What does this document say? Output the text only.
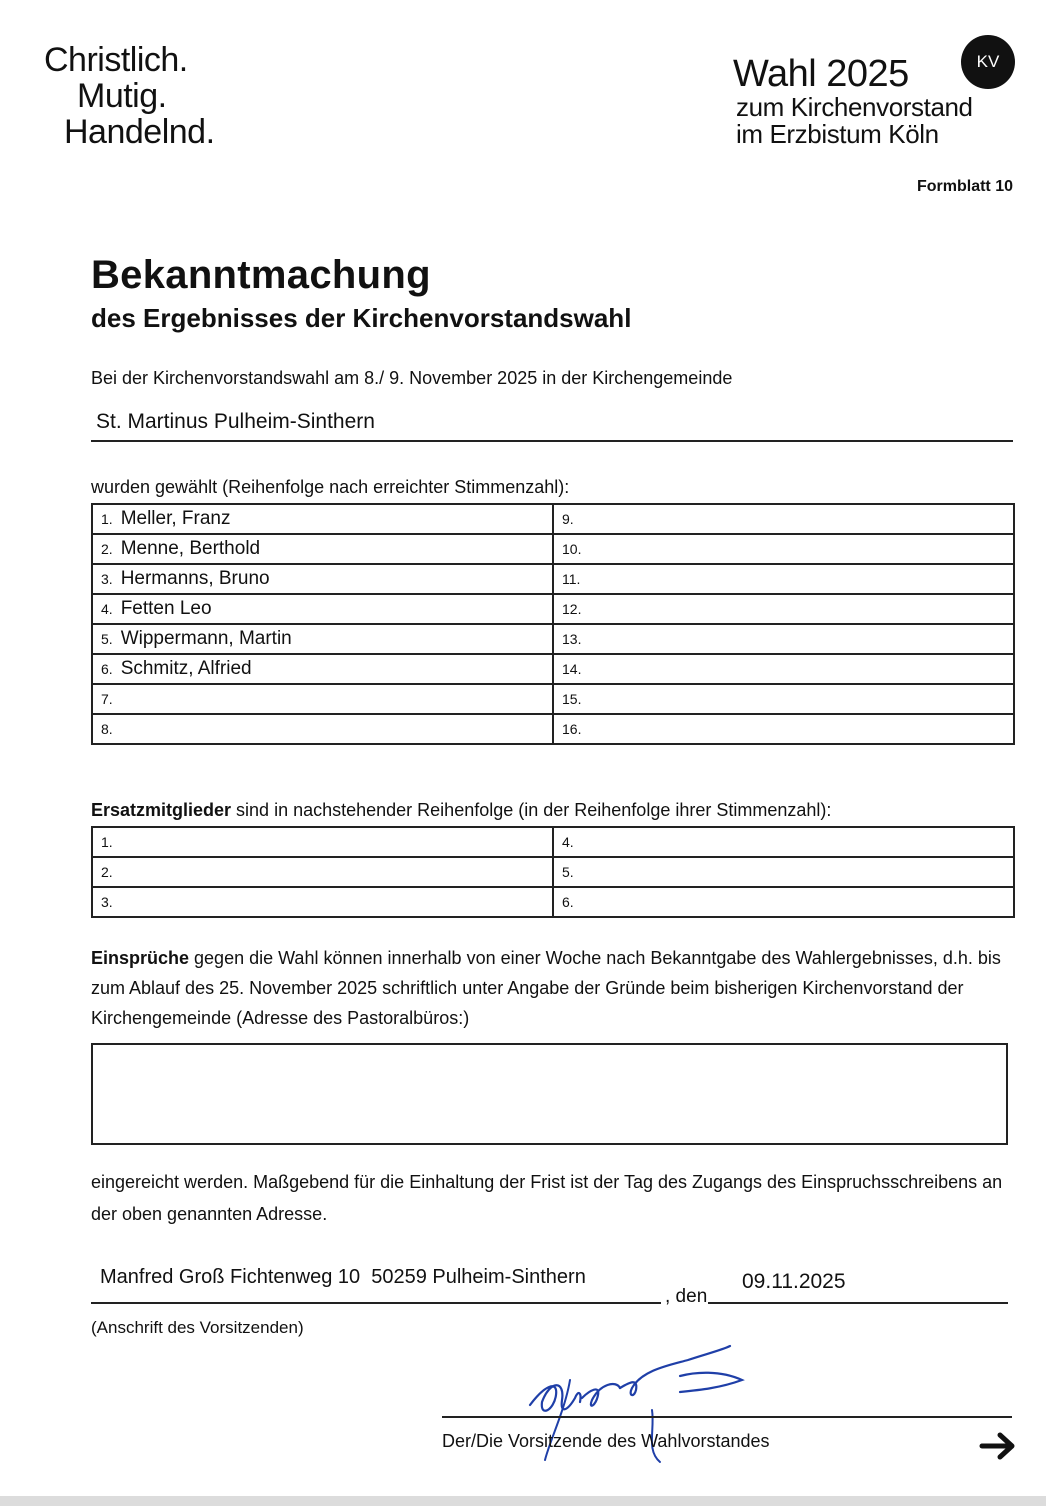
Christlich.
Mutig.
Handelnd.
Wahl 2025	KV
zum Kirchenvorstand
im Erzbistum Köln
Formblatt 10
Bekanntmachung
des Ergebnisses der Kirchenvorstandswahl
Bei der Kirchenvorstandswahl am 8./ 9. November 2025 in der Kirchengemeinde
St. Martinus Pulheim-Sinthern
wurden gewählt (Reihenfolge nach erreichter Stimmenzahl):
1. Meller, Franz	9.
2. Menne, Berthold	10.
3. Hermanns, Bruno	11.
4. Fetten Leo	12.
5. Wippermann, Martin	13.
6. Schmitz, Alfried	14.
7.	15.
8.	16.
Ersatzmitglieder sind in nachstehender Reihenfolge (in der Reihenfolge ihrer Stimmenzahl):
1.	4.
2.	5.
3.	6.
Einsprüche gegen die Wahl können innerhalb von einer Woche nach Bekanntgabe des Wahlergebnisses, d.h. bis zum Ablauf des 25. November 2025 schriftlich unter Angabe der Gründe beim bisherigen Kirchenvorstand der Kirchengemeinde (Adresse des Pastoralbüros:)
eingereicht werden. Maßgebend für die Einhaltung der Frist ist der Tag des Zugangs des Einspruchsschreibens an der oben genannten Adresse.
Manfred Groß Fichtenweg 10  50259 Pulheim-Sinthern
, den
09.11.2025
(Anschrift des Vorsitzenden)
Der/Die Vorsitzende des Wahlvorstandes
